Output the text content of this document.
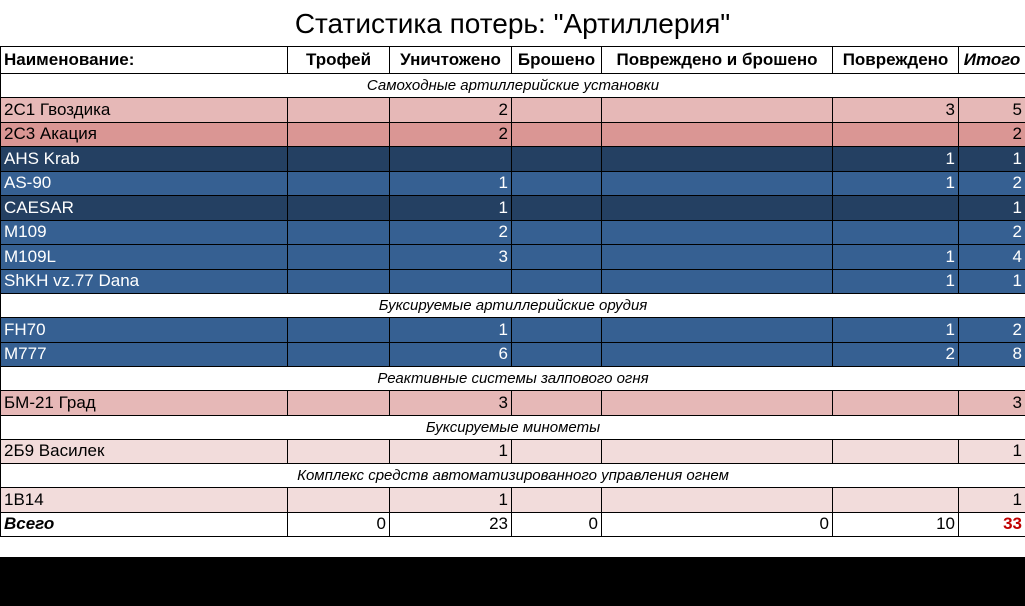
Статистика потерь: "Артиллерия"
Наименование:	Трофей	Уничтожено	Брошено	Повреждено и брошено	Повреждено	Итого
Самоходные артиллерийские установки						
2С1 Гвоздика		2			3	5
2С3 Акация		2				2
AHS Krab					1	1
AS-90		1			1	2
CAESAR		1				1
M109		2				2
M109L		3			1	4
ShKH vz.77 Dana					1	1
Буксируемые артиллерийские орудия						
FH70		1			1	2
M777		6			2	8
Реактивные системы залпового огня						
БМ-21 Град		3				3
Буксируемые минометы						
2Б9 Василек		1				1
Комплекс средств автоматизированного управления огнем						
1В14		1				1
Всего	0	23	0	0	10	33
